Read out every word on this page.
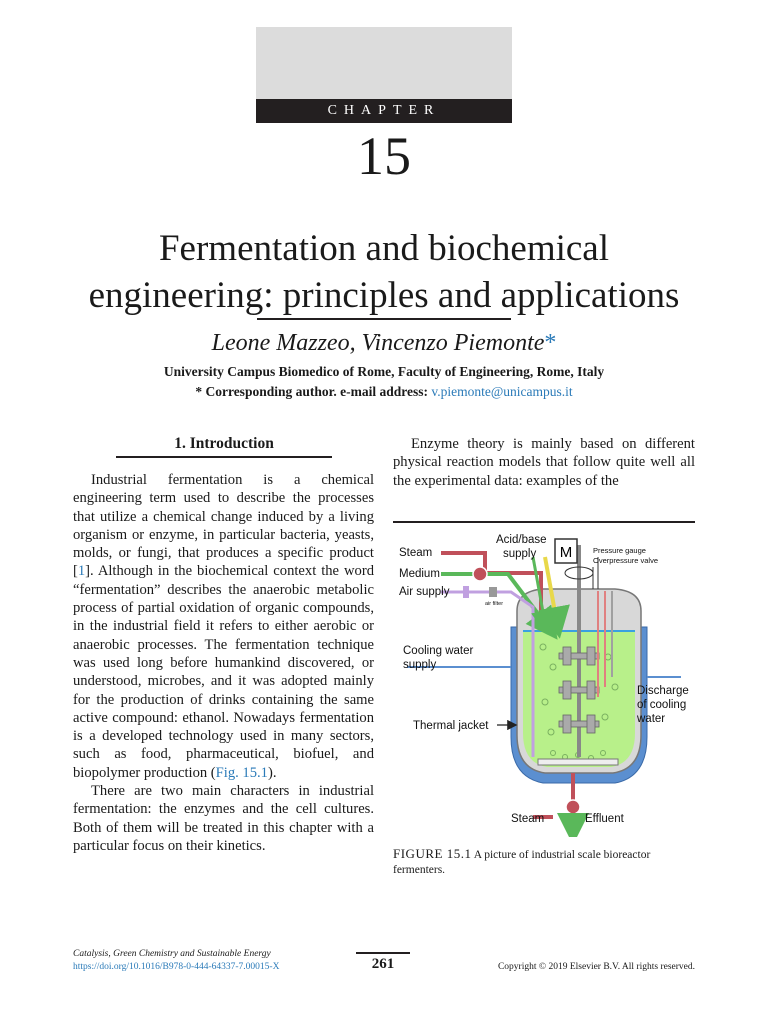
CHAPTER
15
Fermentation and biochemical
engineering: principles and applications
Leone Mazzeo, Vincenzo Piemonte*
University Campus Biomedico of Rome, Faculty of Engineering, Rome, Italy
* Corresponding author. e-mail address: v.piemonte@unicampus.it
1. Introduction

Industrial fermentation is a chemical engineering term used to describe the processes that utilize a chemical change induced by a living organism or enzyme, in particular bacteria, yeasts, molds, or fungi, that produces a specific product [1]. Although in the biochemical context the word “fermentation” describes the anaerobic metabolic process of partial oxidation of organic compounds, in the industrial field it refers to either aerobic or anaerobic processes. The fermentation technique was used long before humankind discovered, or understood, microbes, and it was adopted mainly for the production of drinks containing the same active compound: ethanol. Nowadays fermentation is a developed technology used in many sectors, such as food, pharmaceutical, biofuel, and biopolymer production (Fig. 15.1).

There are two main characters in industrial fermentation: the enzymes and the cell cultures. Both of them will be treated in this chapter with a particular focus on their kinetics.

Enzyme theory is mainly based on different physical reaction models that follow quite well all the experimental data: examples of the

M
Acid/base
supply
Steam
Medium
Air supply
Cooling water
supply
Discharge
of cooling
water
Thermal jacket
Steam	Effluent
Pressure gauge
Overpressure valve
air filter
FIGURE 15.1 A picture of industrial scale bioreactor fermenters.
Catalysis, Green Chemistry and Sustainable Energy
https://doi.org/10.1016/B978-0-444-64337-7.00015-X	261	Copyright © 2019 Elsevier B.V. All rights reserved.
